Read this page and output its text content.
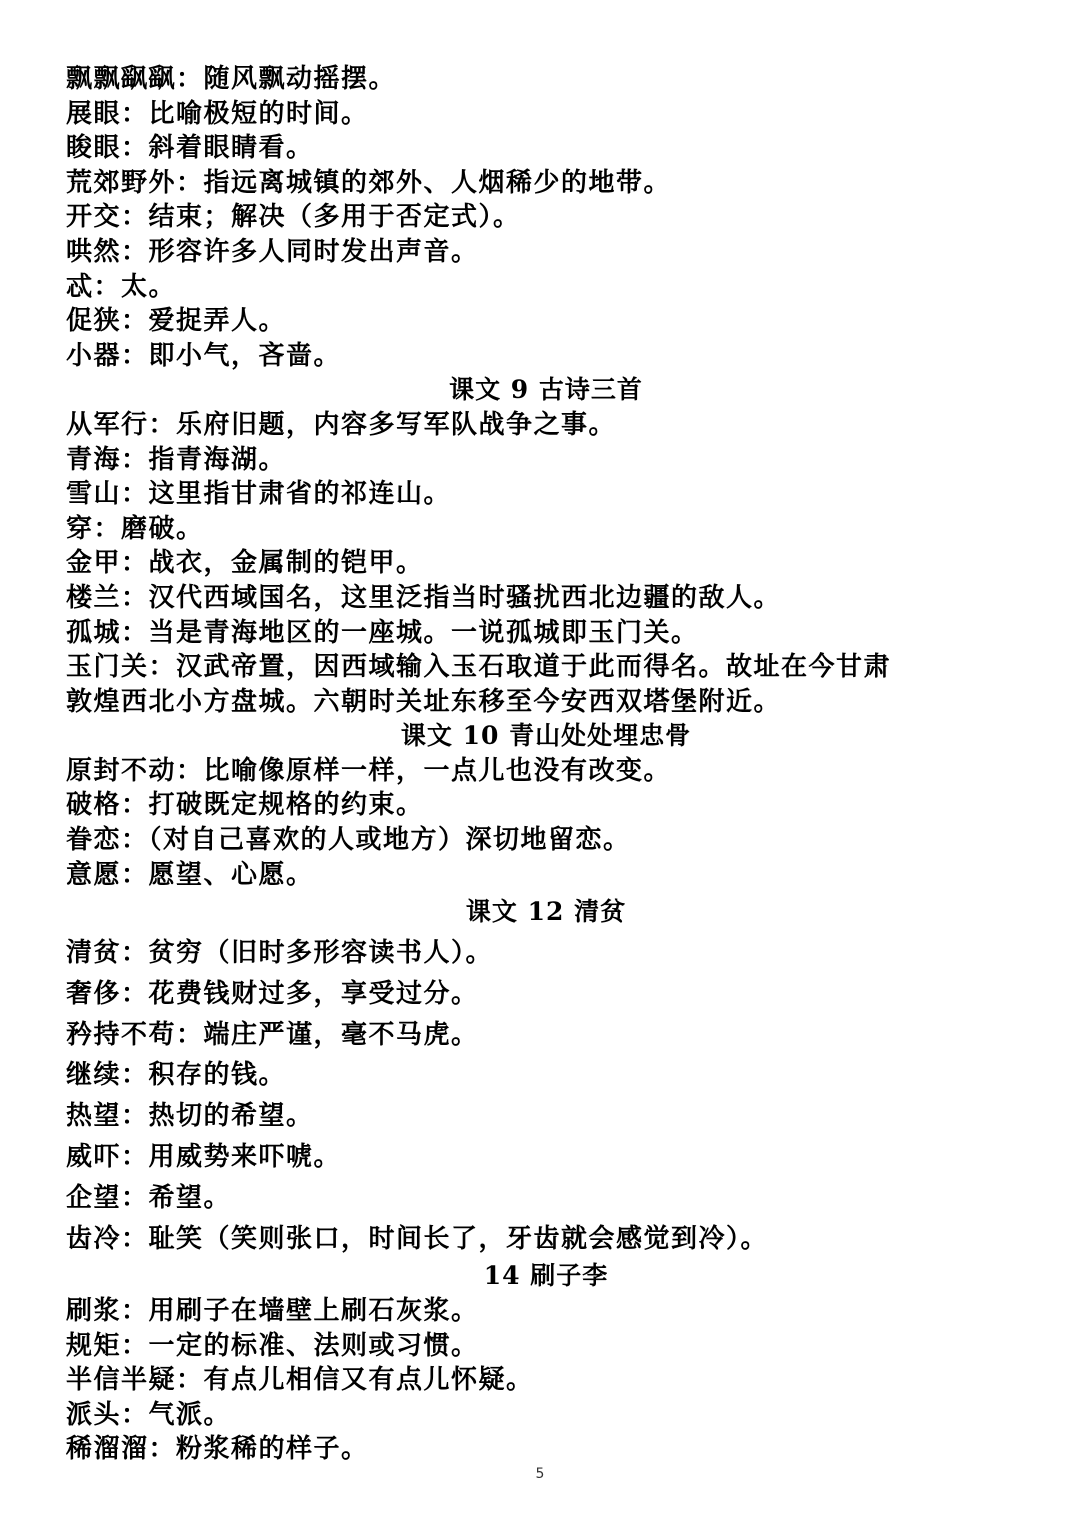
飘飘飖飖：随风飘动摇摆。

展眼：比喻极短的时间。

睃眼：斜着眼睛看。

荒郊野外：指远离城镇的郊外、人烟稀少的地带。

开交：结束；解决（多用于否定式）。

哄然：形容许多人同时发出声音。

忒：太。

促狭：爱捉弄人。

小器：即小气，吝啬。

课文 9 古诗三首

从军行：乐府旧题，内容多写军队战争之事。

青海：指青海湖。

雪山：这里指甘肃省的祁连山。

穿：磨破。

金甲：战衣，金属制的铠甲。

楼兰：汉代西域国名，这里泛指当时骚扰西北边疆的敌人。

孤城：当是青海地区的一座城。一说孤城即玉门关。

玉门关：汉武帝置，因西域输入玉石取道于此而得名。故址在今甘肃

敦煌西北小方盘城。六朝时关址东移至今安西双塔堡附近。

课文 10 青山处处埋忠骨

原封不动：比喻像原样一样，一点儿也没有改变。

破格：打破既定规格的约束。

眷恋：（对自己喜欢的人或地方）深切地留恋。

意愿：愿望、心愿。

课文 12 清贫

清贫：贫穷（旧时多形容读书人）。

奢侈：花费钱财过多，享受过分。

矜持不苟：端庄严谨，毫不马虎。

继续：积存的钱。

热望：热切的希望。

威吓：用威势来吓唬。

企望：希望。

齿冷：耻笑（笑则张口，时间长了，牙齿就会感觉到冷）。

14 刷子李

刷浆：用刷子在墙壁上刷石灰浆。

规矩：一定的标准、法则或习惯。

半信半疑：有点儿相信又有点儿怀疑。

派头：气派。

稀溜溜：粉浆稀的样子。

5
